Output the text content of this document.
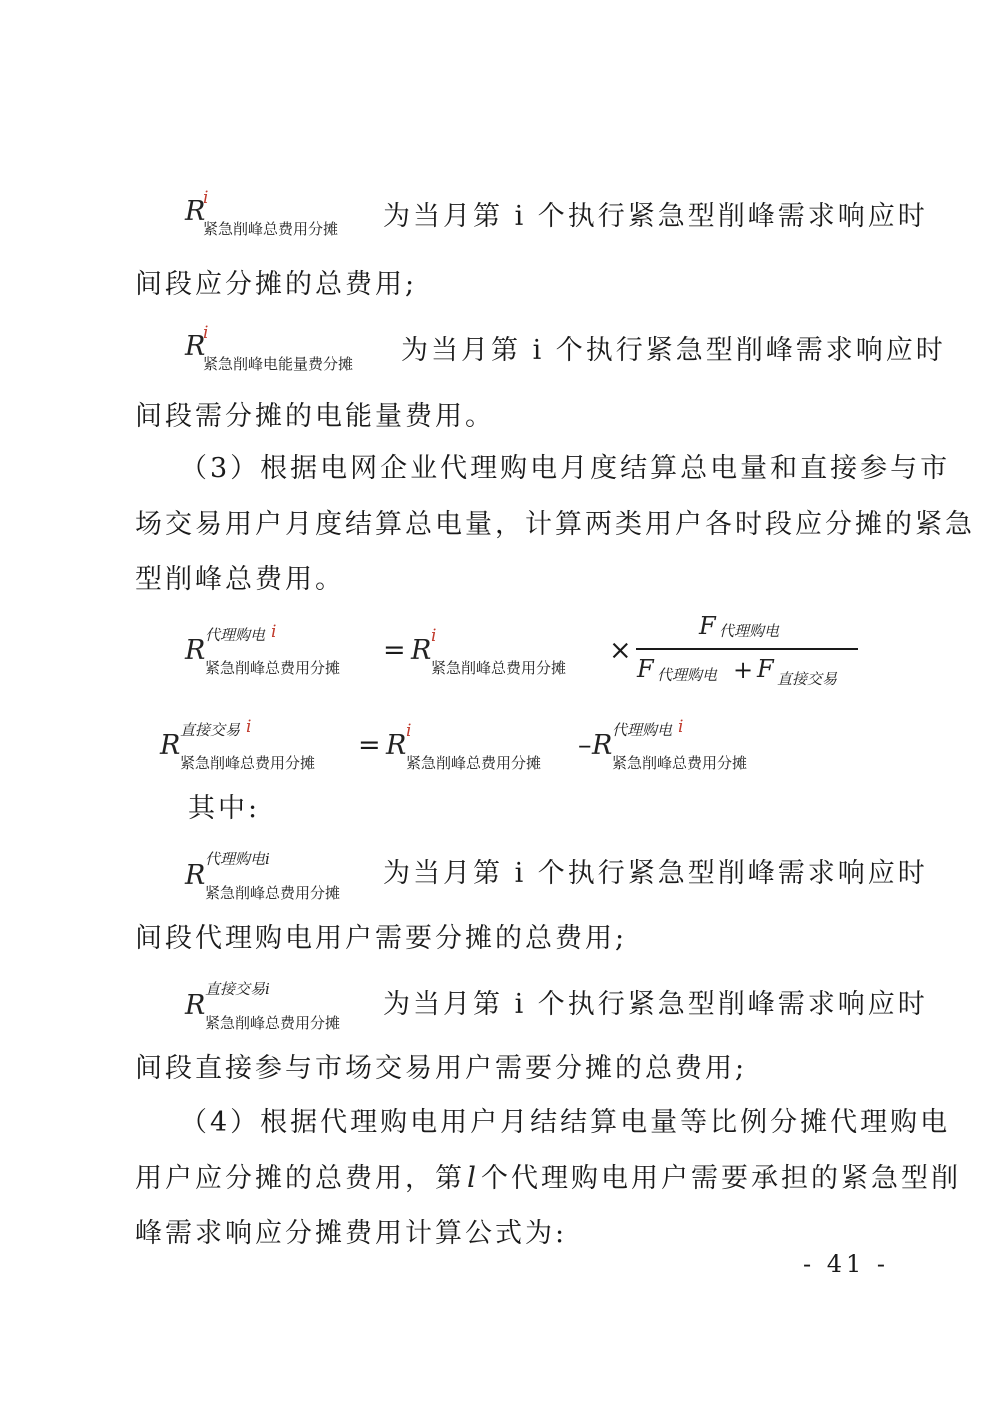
R
i
紧急削峰总费用分摊 为当月第 i 个执行紧急型削峰需求响应时
间段应分摊的总费用;
R
i
紧急削峰电能量费分摊 为当月第 i 个执行紧急型削峰需求响应时
间段需分摊的电能量费用。
（3）根据电网企业代理购电月度结算总电量和直接参与市
场交易用户月度结算总电量，计算两类用户各时段应分摊的紧急
型削峰总费用。
R 代理购电 i
紧急削峰总费用分摊
= R i
紧急削峰总费用分摊
×
F 代理购电
F 代理购电 + F 直接交易
R 直接交易 i
紧急削峰总费用分摊
= R i
紧急削峰总费用分摊
– R 代理购电 i
紧急削峰总费用分摊
其中:
R
代理购电i
紧急削峰总费用分摊
为当月第 i 个执行紧急型削峰需求响应时
间段代理购电用户需要分摊的总费用;
R
直接交易i
紧急削峰总费用分摊
为当月第 i 个执行紧急型削峰需求响应时
间段直接参与市场交易用户需要分摊的总费用;
（4）根据代理购电用户月结结算电量等比例分摊代理购电
用户应分摊的总费用，第l个代理购电用户需要承担的紧急型削
峰需求响应分摊费用计算公式为:
- 41 -
